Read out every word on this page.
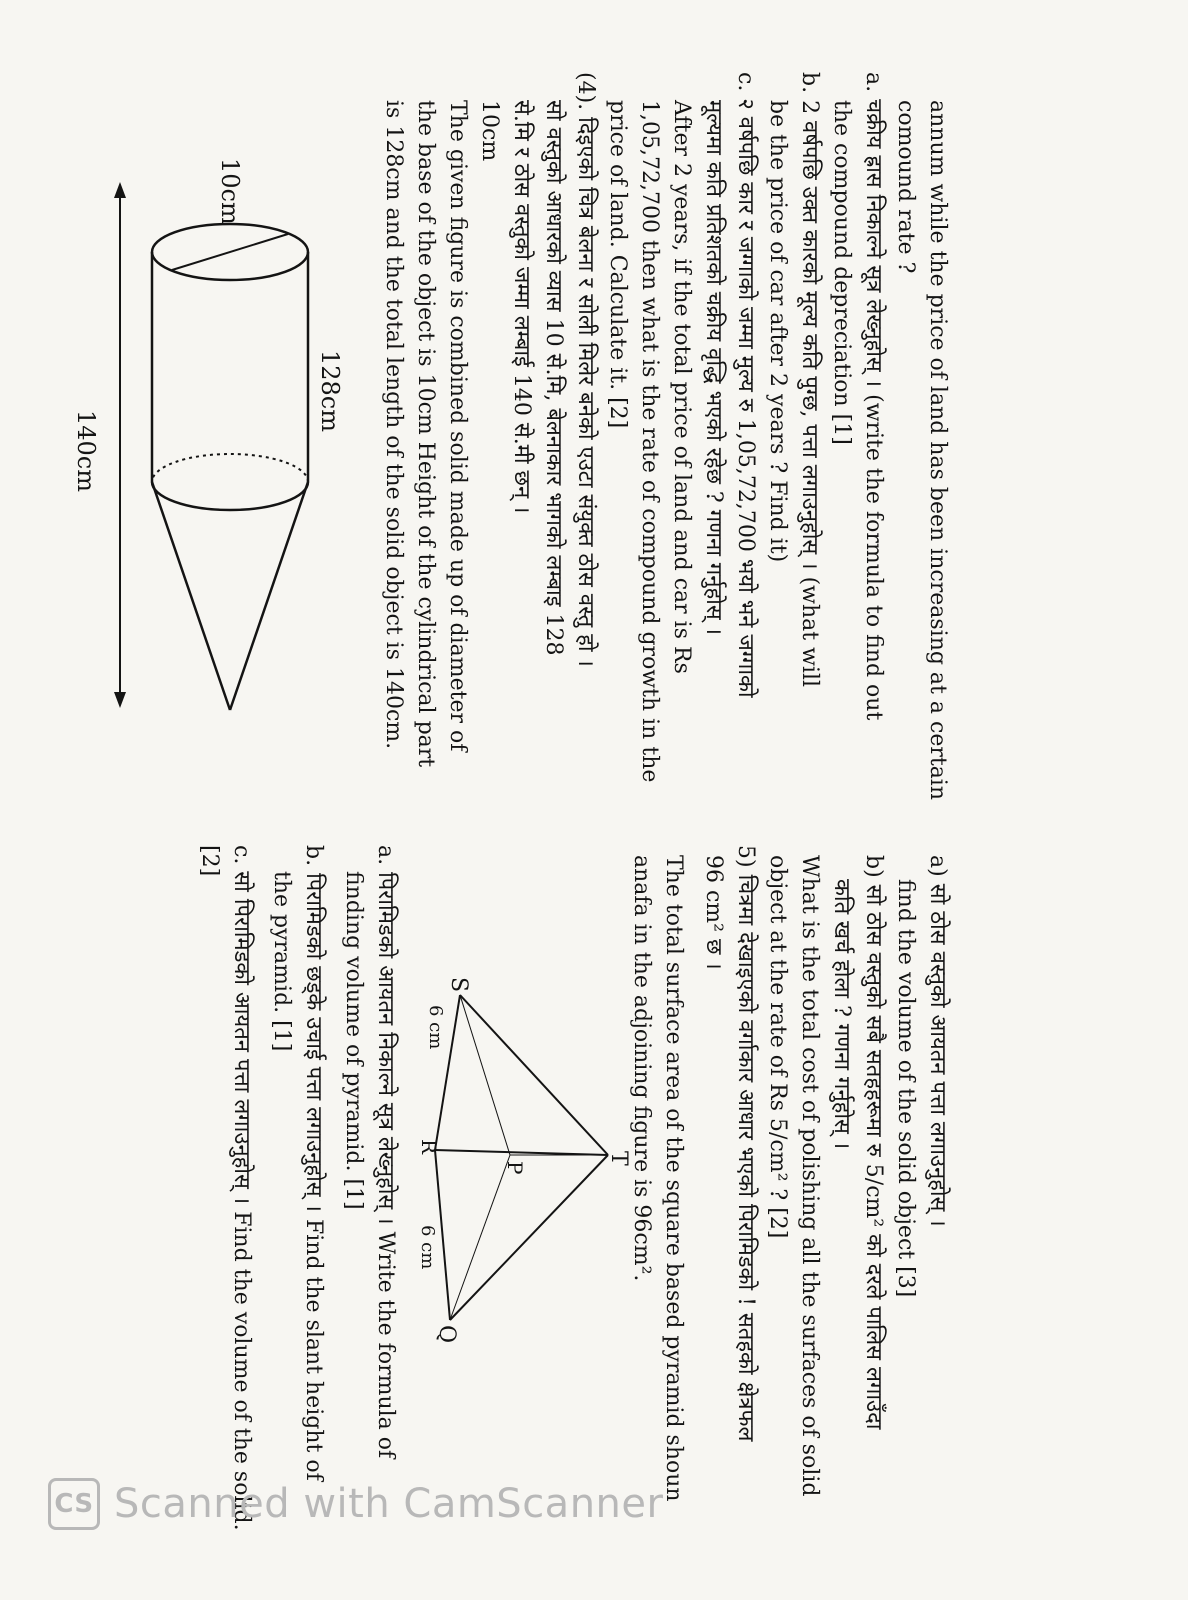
annum while the price of land has been increasing at a certain
comound rate ?
a. चक्रीय ह्रास निकाल्ने सूत्र लेख्नुहोस् । (write the formula to find out
the compound depreciation [1]
b. 2 वर्षपछि उक्त कारको मूल्य कति पुग्छ, पत्ता लगाउनुहोस् । (what will
be the price of car after 2 years ? Find it)
c. २ वर्षपछि कार र जग्गाको जम्मा मुल्य रु 1,05,72,700 भयो भने जग्गाको
मूल्यमा कति प्रतिशतको चक्रीय वृद्धि भएको रहेछ ? गणना गर्नुहोस् ।
After 2 years, if the total price of land and car is Rs
1,05,72,700 then what is the rate of compound growth in the
price of land. Calculate it. [2]
(4). दिइएको चित्र बेलना र सोली मिलेर बनेको एउटा संयुक्त ठोस वस्तु हो ।
सो वस्तुको आधारको व्यास 10 से.मि, बेलनाकार भागको लम्बाइ 128
से.मि र ठोस वस्तुको जम्मा लम्बाई 140 से.मी छन् ।
10cm
The given figure is combined solid made up of diameter of
the base of the object is 10cm Height of the cylindrical part
is 128cm and the total length of the solid object is 140cm.
140cm
10cm
128cm
a) सो ठोस वस्तुको आयतन पत्ता लगाउनुहोस् ।
find the volume of the solid object [3]
b) सो ठोस वस्तुको सबै सतहहरूमा रु 5/cm² को दरले पालिस लगाउँदा
कति खर्च होला ? गणना गर्नुहोस् ।
What is the total cost of polishing all the surfaces of solid
object at the rate of Rs 5/cm² ? [2]
5) चित्रमा देखाइएको वर्गाकार आधार भएको पिरामिडको ! सतहको क्षेत्रफल
96 cm² छ ।
The total surface area of the square based pyramid shoun
anafa in the adjoining figure is 96cm².
T
P
S
R
Q
6 cm
6 cm
a. पिरामिडको आयतन निकाल्ने सूत्र लेख्नुहोस् । Write the formula of
finding volume of pyramid. [1]
b. पिरामिडको छड्के उचाई पत्ता लगाउनुहोस् । Find the slant height of
the pyramid. [1]
c. सो पिरामिडको आयतन पत्ता लगाउनुहोस् । Find the volume of the solid.
[2]
CS Scanned with CamScanner
